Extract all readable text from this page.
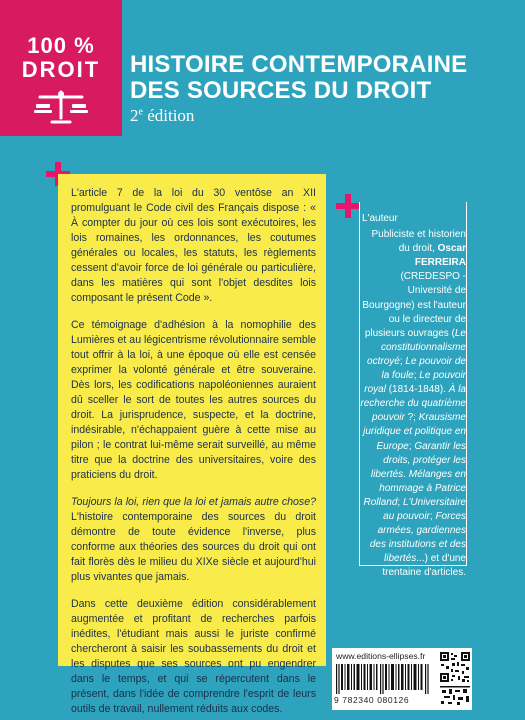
100 %
DROIT	HISTOIRE CONTEMPORAINE
DES SOURCES DU DROIT
2e édition

L'article 7 de la loi du 30 ventôse an XII promulguant le Code civil des Français dispose : « À compter du jour où ces lois sont exécutoires, les lois romaines, les ordonnances, les coutumes générales ou locales, les statuts, les règlements cessent d'avoir force de loi générale ou particulière, dans les matières qui sont l'objet desdites lois composant le présent Code ».

Ce témoignage d'adhésion à la nomophilie des Lumières et au légicentrisme révolutionnaire semble tout offrir à la loi, à une époque où elle est censée exprimer la volonté générale et être souveraine. Dès lors, les codifications napoléoniennes auraient dû sceller le sort de toutes les autres sources du droit. La jurisprudence, suspecte, et la doctrine, indésirable, n'échappaient guère à cette mise au pilon ; le contrat lui-même serait surveillé, au même titre que la doctrine des universitaires, voire des praticiens du droit.

Toujours la loi, rien que la loi et jamais autre chose? L'histoire contemporaine des sources du droit démontre de toute évidence l'inverse, plus conforme aux théories des sources du droit qui ont fait florès dès le milieu du XIXe siècle et aujourd'hui plus vivantes que jamais.

Dans cette deuxième édition considérablement augmentée et profitant de recherches parfois inédites, l'étudiant mais aussi le juriste confirmé chercheront à saisir les soubassements du droit et les disputes que ses sources ont pu engendrer dans le temps, et qui se répercutent dans le présent, dans l'idée de comprendre l'esprit de leurs outils de travail, nullement réduits aux codes.

L'auteur
Publiciste et historien du droit, Oscar FERREIRA (CREDESPO - Université de Bourgogne) est l'auteur ou le directeur de plusieurs ouvrages (Le constitutionnalisme octroyé; Le pouvoir de la foule; Le pouvoir royal (1814-1848). À la recherche du quatrième pouvoir ?; Krausisme juridique et politique en Europe; Garantir les droits, protéger les libertés. Mélanges en hommage à Patrice Rolland; L'Universitaire au pouvoir; Forces armées, gardiennes des institutions et des libertés...) et d'une trentaine d'articles.
www.editions-ellipses.fr
9 782340 080126
